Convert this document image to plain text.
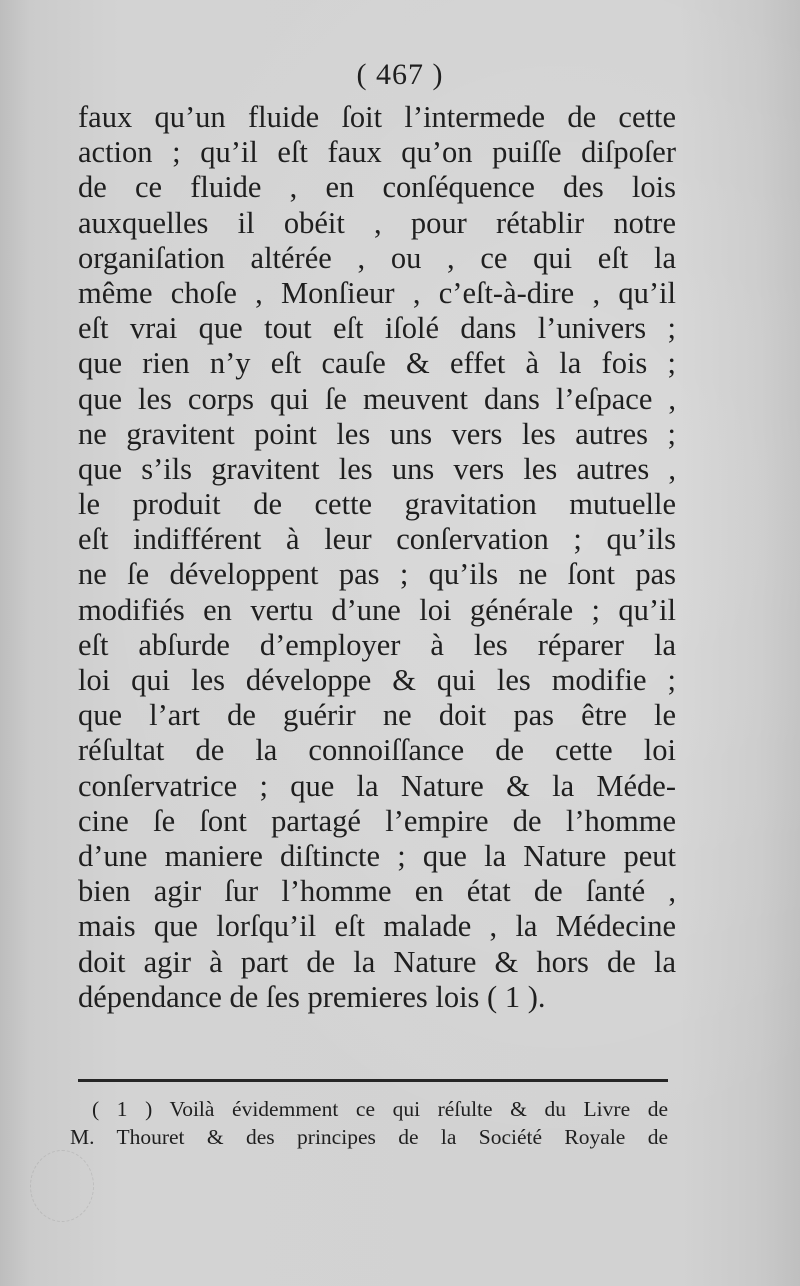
( 467 )
faux qu’un fluide ſoit l’intermede de cette
action ; qu’il eſt faux qu’on puiſſe diſpoſer
de ce fluide , en conſéquence des lois
auxquelles il obéit , pour rétablir notre
organiſation altérée , ou , ce qui eſt la
même choſe , Monſieur , c’eſt-à-dire , qu’il
eſt vrai que tout eſt iſolé dans l’univers ;
que rien n’y eſt cauſe & effet à la fois ;
que les corps qui ſe meuvent dans l’eſpace ,
ne gravitent point les uns vers les autres ;
que s’ils gravitent les uns vers les autres ,
le produit de cette gravitation mutuelle
eſt indifférent à leur conſervation ; qu’ils
ne ſe développent pas ; qu’ils ne ſont pas
modifiés en vertu d’une loi générale ; qu’il
eſt abſurde d’employer à les réparer la
loi qui les développe & qui les modifie ;
que l’art de guérir ne doit pas être le
réſultat de la connoiſſance de cette loi
conſervatrice ; que la Nature & la Méde-
cine ſe ſont partagé l’empire de l’homme
d’une maniere diſtincte ; que la Nature peut
bien agir ſur l’homme en état de ſanté ,
mais que lorſqu’il eſt malade , la Médecine
doit agir à part de la Nature & hors de la
dépendance de ſes premieres lois ( 1 ).
( 1 ) Voilà évidemment ce qui réſulte & du Livre de
M. Thouret & des principes de la Société Royale de
